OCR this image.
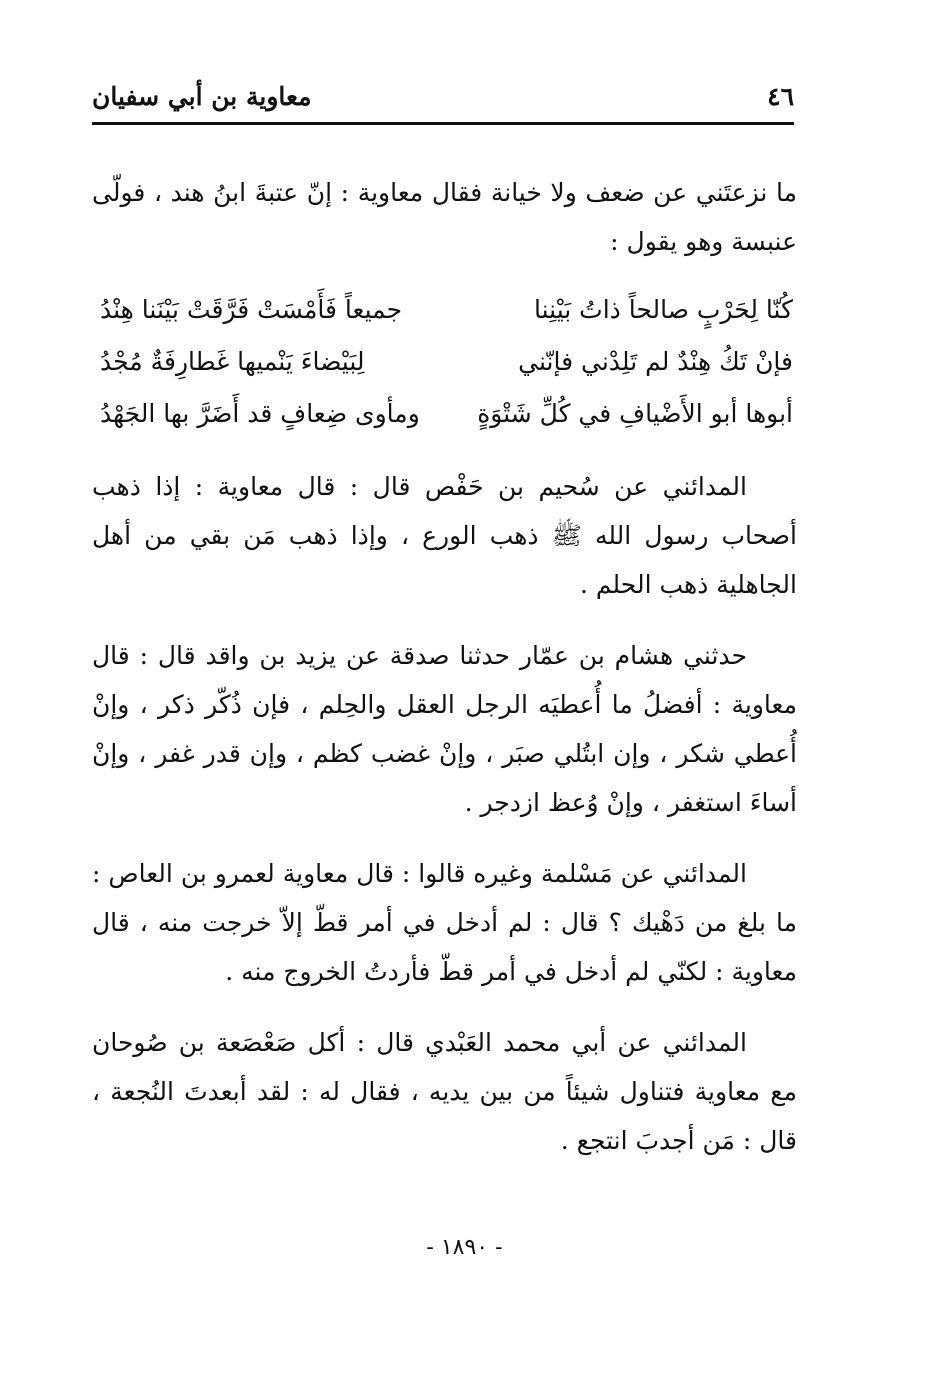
٤٦
معاوية بن أبي سفيان

ما نزعتَني عن ضعف ولا خيانة فقال معاوية : إنّ عتبةَ ابنُ هند ، فولّى عنبسة وهو يقول :

كُنّا لِحَرْبٍ صالحاً ذاتُ بَيْنِنا
جميعاً فَأَمْسَتْ فَرَّقَتْ بَيْنَنا هِنْدُ
فإنْ تَكُ هِنْدٌ لم تَلِدْني فإنّني
لِبَيْضاءَ يَنْميها غَطارِفَةٌ مُجْدُ
أبوها أبو الأَضْيافِ في كُلِّ شَتْوَةٍ
ومأوى ضِعافٍ قد أَضَرَّ بها الجَهْدُ

المدائني عن سُحيم بن حَفْص قال : قال معاوية : إذا ذهب أصحاب رسول الله ﷺ ذهب الورع ، وإذا ذهب مَن بقي من أهل الجاهلية ذهب الحلم .

حدثني هشام بن عمّار حدثنا صدقة عن يزيد بن واقد قال : قال معاوية : أفضلُ ما أُعطيَه الرجل العقل والحِلم ، فإن ذُكّر ذكر ، وإنْ أُعطي شكر ، وإن ابتُلي صبَر ، وإنْ غضب كظم ، وإن قدر غفر ، وإنْ أساءَ استغفر ، وإنْ وُعظ ازدجر .

المدائني عن مَسْلمة وغيره قالوا : قال معاوية لعمرو بن العاص : ما بلغ من دَهْيك ؟ قال : لم أدخل في أمر قطّ إلاّ خرجت منه ، قال معاوية : لكنّي لم أدخل في أمر قطّ فأردتُ الخروج منه .

المدائني عن أبي محمد العَبْدي قال : أكل صَعْصَعة بن صُوحان مع معاوية فتناول شيئاً من بين يديه ، فقال له : لقد أبعدتَ النُجعة ، قال : مَن أجدبَ انتجع .

- ١٨٩٠ -
